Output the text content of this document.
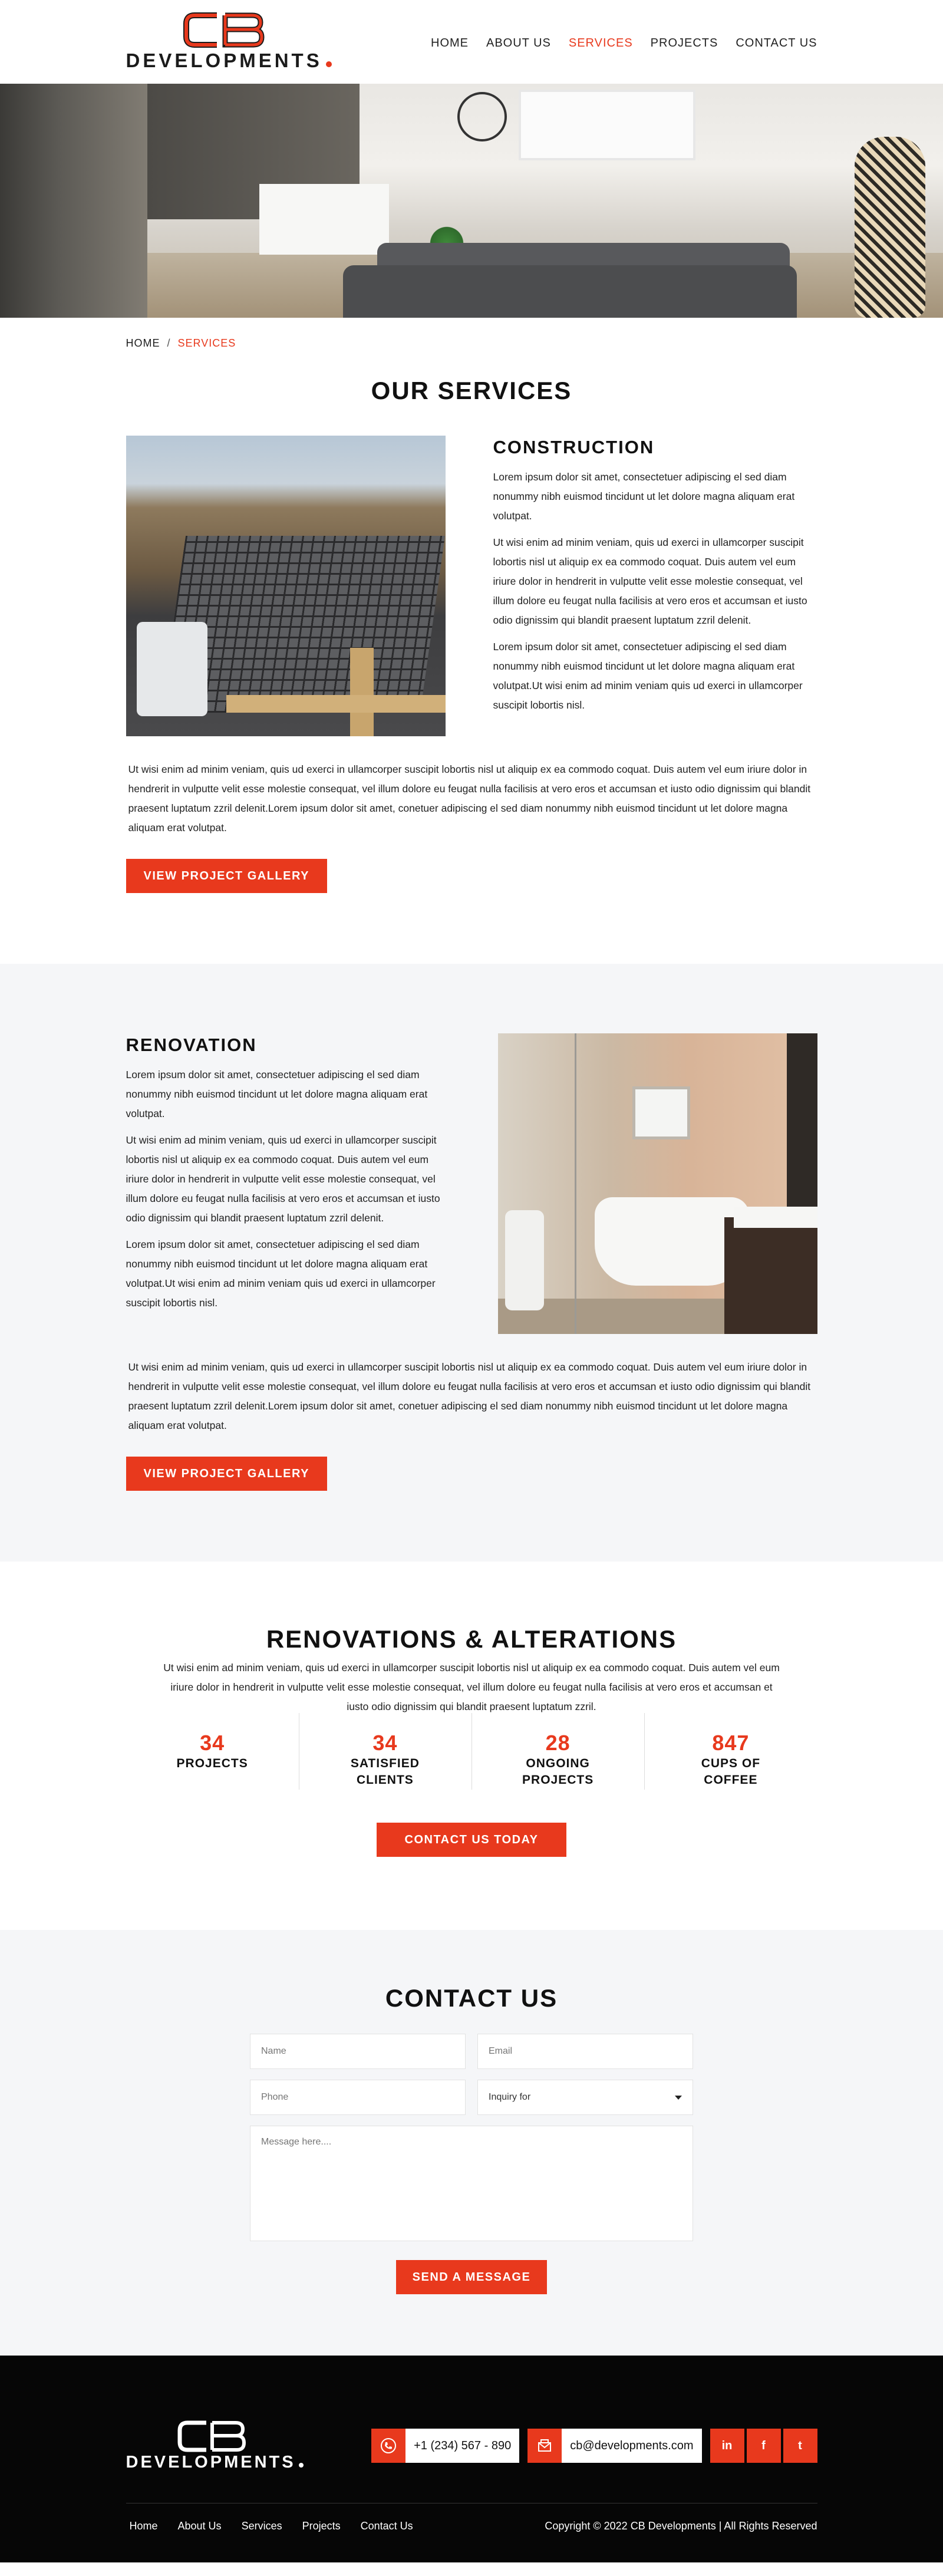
DEVELOPMENTS
HOME ABOUT US SERVICES PROJECTS CONTACT US
HOME / SERVICES
OUR SERVICES
CONSTRUCTION

Lorem ipsum dolor sit amet, consectetuer adipiscing el sed diam nonummy nibh euismod tincidunt ut let dolore magna aliquam erat volutpat.

Ut wisi enim ad minim veniam, quis ud exerci in ullamcorper suscipit lobortis nisl ut aliquip ex ea commodo coquat. Duis autem vel eum iriure dolor in hendrerit in vulputte velit esse molestie consequat, vel illum dolore eu feugat nulla facilisis at vero eros et accumsan et iusto odio dignissim qui blandit praesent luptatum zzril delenit.

Lorem ipsum dolor sit amet, consectetuer adipiscing el sed diam nonummy nibh euismod tincidunt ut let dolore magna aliquam erat volutpat.Ut wisi enim ad minim veniam quis ud exerci in ullamcorper suscipit lobortis nisl.

Ut wisi enim ad minim veniam, quis ud exerci in ullamcorper suscipit lobortis nisl ut aliquip ex ea commodo coquat. Duis autem vel eum iriure dolor in hendrerit in vulputte velit esse molestie consequat, vel illum dolore eu feugat nulla facilisis at vero eros et accumsan et iusto odio dignissim qui blandit praesent luptatum zzril delenit.Lorem ipsum dolor sit amet, conetuer adipiscing el sed diam nonummy nibh euismod tincidunt ut let dolore magna aliquam erat volutpat.

VIEW PROJECT GALLERY
RENOVATION

Lorem ipsum dolor sit amet, consectetuer adipiscing el sed diam nonummy nibh euismod tincidunt ut let dolore magna aliquam erat volutpat.

Ut wisi enim ad minim veniam, quis ud exerci in ullamcorper suscipit lobortis nisl ut aliquip ex ea commodo coquat. Duis autem vel eum iriure dolor in hendrerit in vulputte velit esse molestie consequat, vel illum dolore eu feugat nulla facilisis at vero eros et accumsan et iusto odio dignissim qui blandit praesent luptatum zzril delenit.

Lorem ipsum dolor sit amet, consectetuer adipiscing el sed diam nonummy nibh euismod tincidunt ut let dolore magna aliquam erat volutpat.Ut wisi enim ad minim veniam quis ud exerci in ullamcorper suscipit lobortis nisl.

Ut wisi enim ad minim veniam, quis ud exerci in ullamcorper suscipit lobortis nisl ut aliquip ex ea commodo coquat. Duis autem vel eum iriure dolor in hendrerit in vulputte velit esse molestie consequat, vel illum dolore eu feugat nulla facilisis at vero eros et accumsan et iusto odio dignissim qui blandit praesent luptatum zzril delenit.Lorem ipsum dolor sit amet, conetuer adipiscing el sed diam nonummy nibh euismod tincidunt ut let dolore magna aliquam erat volutpat.

VIEW PROJECT GALLERY
RENOVATIONS & ALTERATIONS

Ut wisi enim ad minim veniam, quis ud exerci in ullamcorper suscipit lobortis nisl ut aliquip ex ea commodo coquat. Duis autem vel eum iriure dolor in hendrerit in vulputte velit esse molestie consequat, vel illum dolore eu feugat nulla facilisis at vero eros et accumsan et iusto odio dignissim qui blandit praesent luptatum zzril.

34
PROJECTS
34
SATISFIED CLIENTS
28
ONGOING PROJECTS
847
CUPS OF COFFEE
CONTACT US TODAY
CONTACT US
Name
Email
Phone
Inquiry for
Message here....
SEND A MESSAGE
DEVELOPMENTS
+1 (234) 567 - 890	cb@developments.com	in	f	t
Home About Us Services Projects Contact Us	Copyright © 2022 CB Developments | All Rights Reserved
